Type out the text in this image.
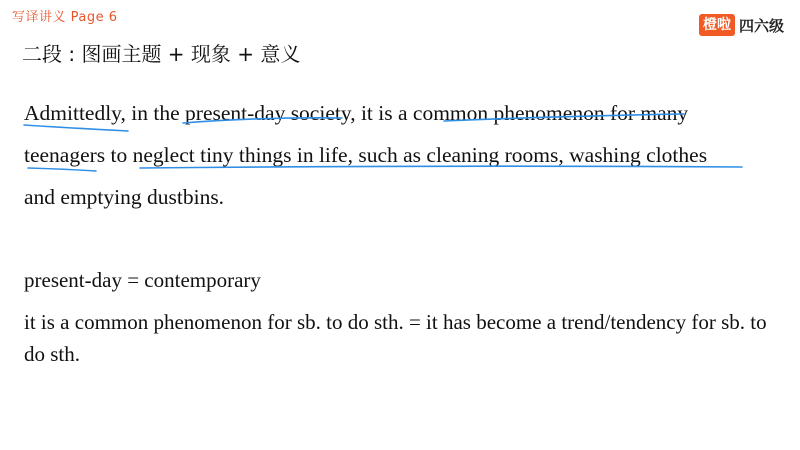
写译讲义 Page 6	橙啦 四六级
二段 : 图画主题 + 现象 + 意义
Admittedly, in the present-day society, it is a common phenomenon for many
teenagers to neglect tiny things in life, such as cleaning rooms, washing clothes
and emptying dustbins.
present-day = contemporary
it is a common phenomenon for sb. to do sth. = it has become a trend/tendency for sb. to do sth.
